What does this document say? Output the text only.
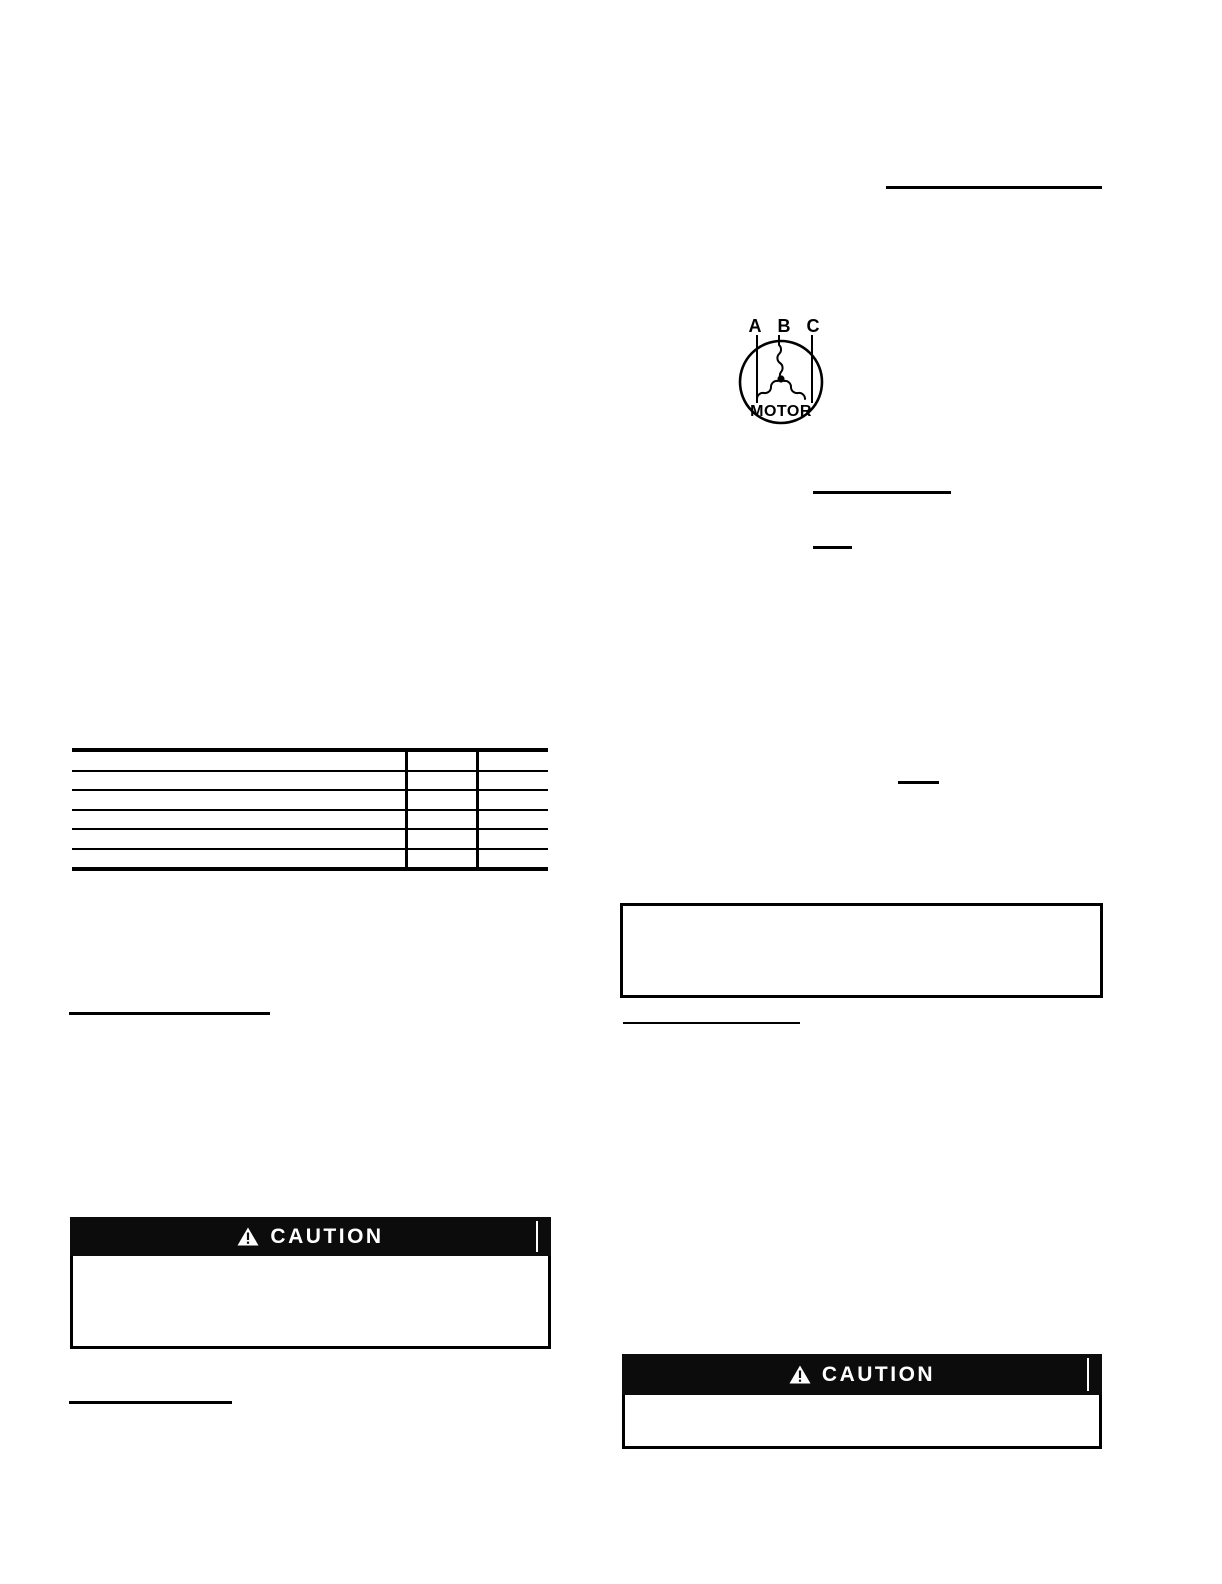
A B C
MOTOR
CAUTION
CAUTION
